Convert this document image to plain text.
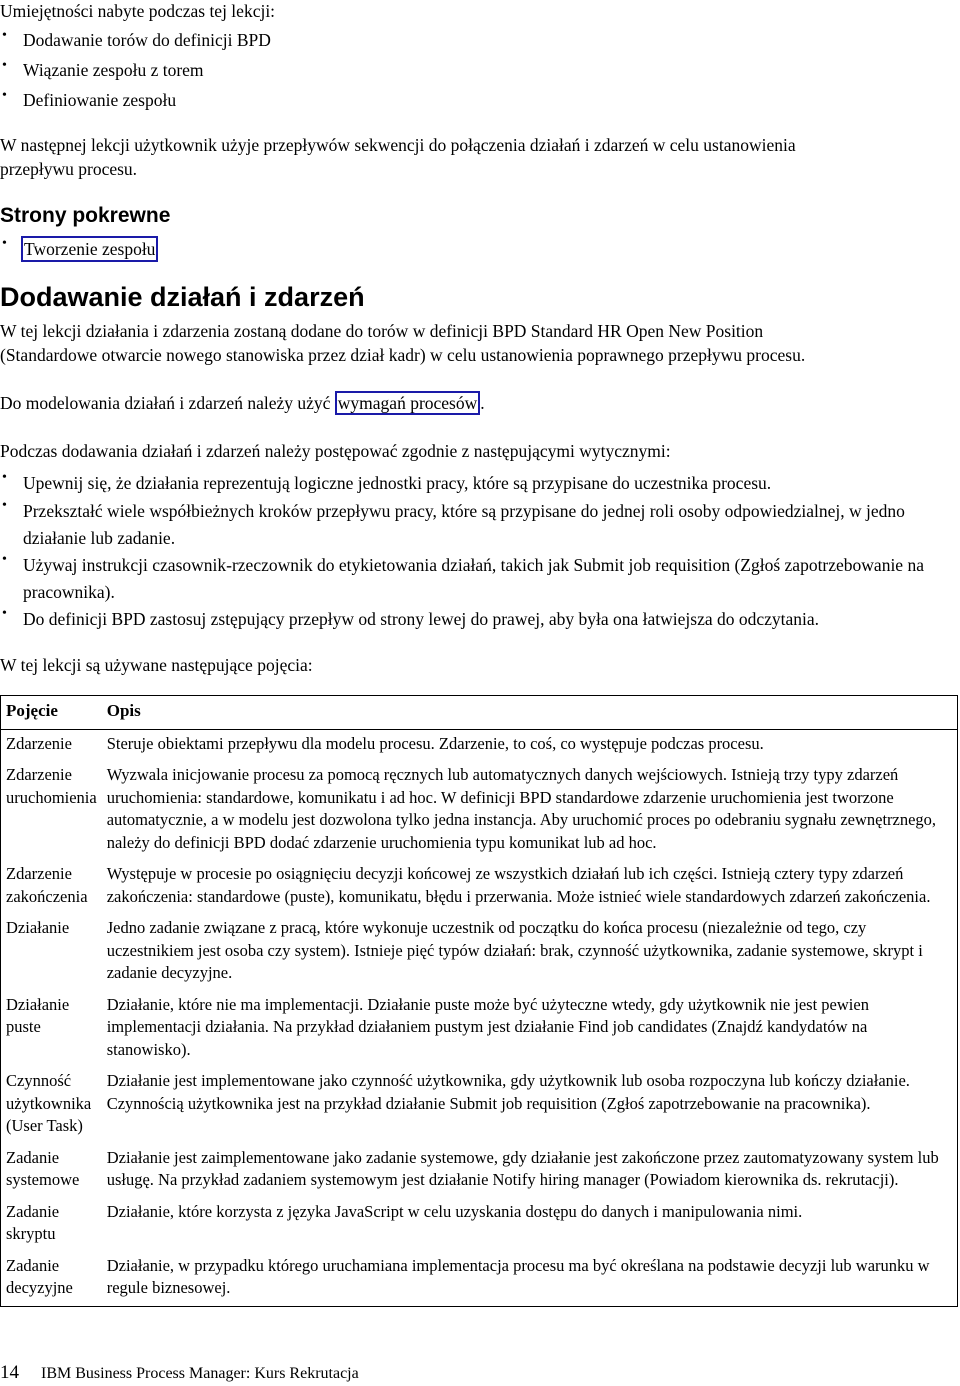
Umiejętności nabyte podczas tej lekcji:

• Dodawanie torów do definicji BPD
• Wiązanie zespołu z torem
• Definiowanie zespołu

W następnej lekcji użytkownik użyje przepływów sekwencji do połączenia działań i zdarzeń w celu ustanowienia

przepływu procesu.

Strony pokrewne
• Tworzenie zespołu
Dodawanie działań i zdarzeń

W tej lekcji działania i zdarzenia zostaną dodane do torów w definicji BPD Standard HR Open New Position

(Standardowe otwarcie nowego stanowiska przez dział kadr) w celu ustanowienia poprawnego przepływu procesu.

Do modelowania działań i zdarzeń należy użyć wymagań procesów .

Podczas dodawania działań i zdarzeń należy postępować zgodnie z następującymi wytycznymi:

• Upewnij się, że działania reprezentują logiczne jednostki pracy, które są przypisane do uczestnika procesu.
• Przekształć wiele współbieżnych kroków przepływu pracy, które są przypisane do jednej roli osoby odpowiedzialnej, w jedno działanie lub zadanie.
• Używaj instrukcji czasownik-rzeczownik do etykietowania działań, takich jak Submit job requisition (Zgłoś zapotrzebowanie na pracownika).
• Do definicji BPD zastosuj zstępujący przepływ od strony lewej do prawej, aby była ona łatwiejsza do odczytania.

W tej lekcji są używane następujące pojęcia:

Pojęcie	Opis
Zdarzenie	Steruje obiektami przepływu dla modelu procesu. Zdarzenie, to coś, co występuje podczas procesu.
Zdarzenie uruchomienia	Wyzwala inicjowanie procesu za pomocą ręcznych lub automatycznych danych wejściowych. Istnieją trzy typy zdarzeń uruchomienia: standardowe, komunikatu i ad hoc. W definicji BPD standardowe zdarzenie uruchomienia jest tworzone automatycznie, a w modelu jest dozwolona tylko jedna instancja. Aby uruchomić proces po odebraniu sygnału zewnętrznego, należy do definicji BPD dodać zdarzenie uruchomienia typu komunikat lub ad hoc.
Zdarzenie zakończenia	Występuje w procesie po osiągnięciu decyzji końcowej ze wszystkich działań lub ich części. Istnieją cztery typy zdarzeń zakończenia: standardowe (puste), komunikatu, błędu i przerwania. Może istnieć wiele standardowych zdarzeń zakończenia.
Działanie	Jedno zadanie związane z pracą, które wykonuje uczestnik od początku do końca procesu (niezależnie od tego, czy uczestnikiem jest osoba czy system). Istnieje pięć typów działań: brak, czynność użytkownika, zadanie systemowe, skrypt i zadanie decyzyjne.
Działanie puste	Działanie, które nie ma implementacji. Działanie puste może być użyteczne wtedy, gdy użytkownik nie jest pewien implementacji działania. Na przykład działaniem pustym jest działanie Find job candidates (Znajdź kandydatów na stanowisko).
Czynność użytkownika (User Task)	Działanie jest implementowane jako czynność użytkownika, gdy użytkownik lub osoba rozpoczyna lub kończy działanie. Czynnością użytkownika jest na przykład działanie Submit job requisition (Zgłoś zapotrzebowanie na pracownika).
Zadanie systemowe	Działanie jest zaimplementowane jako zadanie systemowe, gdy działanie jest zakończone przez zautomatyzowany system lub usługę. Na przykład zadaniem systemowym jest działanie Notify hiring manager (Powiadom kierownika ds. rekrutacji).
Zadanie skryptu	Działanie, które korzysta z języka JavaScript w celu uzyskania dostępu do danych i manipulowania nimi.
Zadanie decyzyjne	Działanie, w przypadku którego uruchamiana implementacja procesu ma być określana na podstawie decyzji lub warunku w regule biznesowej.
14 IBM Business Process Manager: Kurs Rekrutacja
